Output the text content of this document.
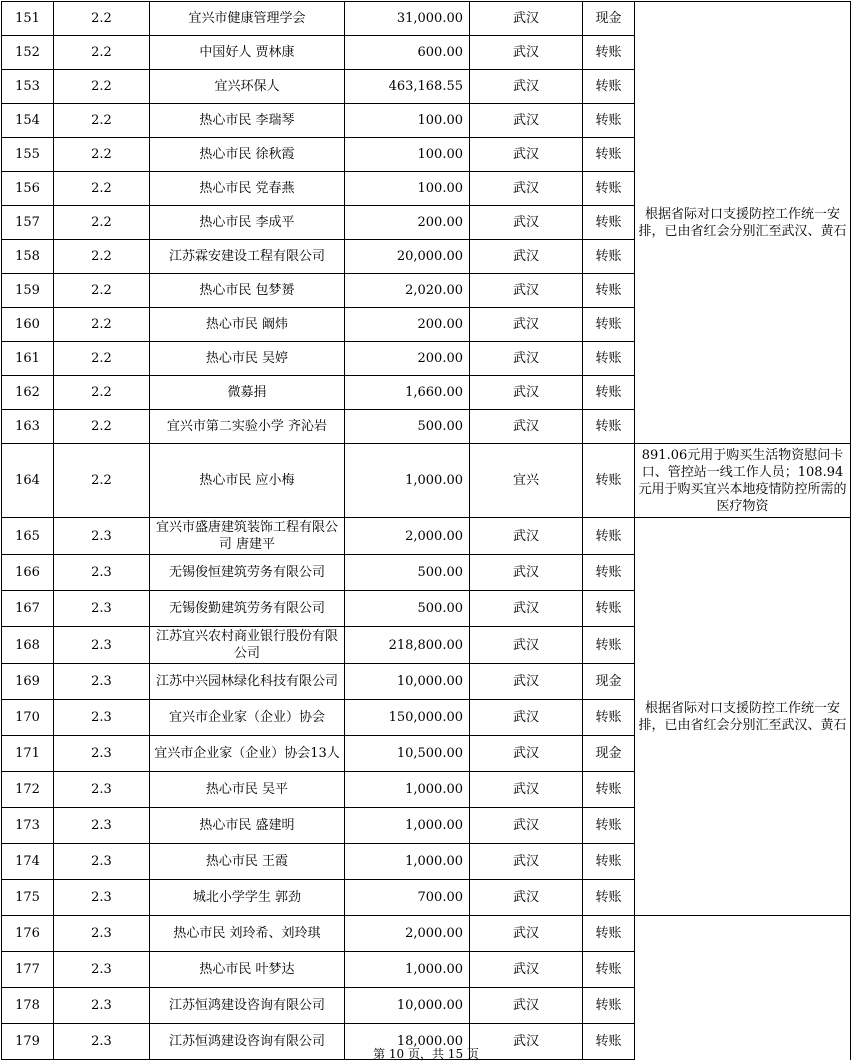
151	2.2	宜兴市健康管理学会	31,000.00	武汉	现金	根据省际对口支援防控工作统一安排，已由省红会分别汇至武汉、黄石
152	2.2	中国好人 贾林康	600.00	武汉	转账	
153	2.2	宜兴环保人	463,168.55	武汉	转账	
154	2.2	热心市民 李瑞琴	100.00	武汉	转账	
155	2.2	热心市民 徐秋霞	100.00	武汉	转账	
156	2.2	热心市民 党春燕	100.00	武汉	转账	
157	2.2	热心市民 李成平	200.00	武汉	转账	
158	2.2	江苏霖安建设工程有限公司	20,000.00	武汉	转账	
159	2.2	热心市民 包梦赟	2,020.00	武汉	转账	
160	2.2	热心市民 阚炜	200.00	武汉	转账	
161	2.2	热心市民 吴婷	200.00	武汉	转账	
162	2.2	微募捐	1,660.00	武汉	转账	
163	2.2	宜兴市第二实验小学 齐沁岩	500.00	武汉	转账	
164	2.2	热心市民 应小梅	1,000.00	宜兴	转账	891.06元用于购买生活物资慰问卡口、管控站一线工作人员；108.94元用于购买宜兴本地疫情防控所需的医疗物资
165	2.3	宜兴市盛唐建筑装饰工程有限公司 唐建平	2,000.00	武汉	转账	根据省际对口支援防控工作统一安排，已由省红会分别汇至武汉、黄石
166	2.3	无锡俊恒建筑劳务有限公司	500.00	武汉	转账	
167	2.3	无锡俊勤建筑劳务有限公司	500.00	武汉	转账	
168	2.3	江苏宜兴农村商业银行股份有限公司	218,800.00	武汉	转账	
169	2.3	江苏中兴园林绿化科技有限公司	10,000.00	武汉	现金	
170	2.3	宜兴市企业家（企业）协会	150,000.00	武汉	转账	
171	2.3	宜兴市企业家（企业）协会13人	10,500.00	武汉	现金	
172	2.3	热心市民 吴平	1,000.00	武汉	转账	
173	2.3	热心市民 盛建明	1,000.00	武汉	转账	
174	2.3	热心市民 王霞	1,000.00	武汉	转账	
175	2.3	城北小学学生 郭劲	700.00	武汉	转账	
176	2.3	热心市民 刘玲希、刘玲琪	2,000.00	武汉	转账	
177	2.3	热心市民 叶梦达	1,000.00	武汉	转账	
178	2.3	江苏恒鸿建设咨询有限公司	10,000.00	武汉	转账	
179	2.3	江苏恒鸿建设咨询有限公司	18,000.00	武汉	转账	
第 10 页，共 15 页
